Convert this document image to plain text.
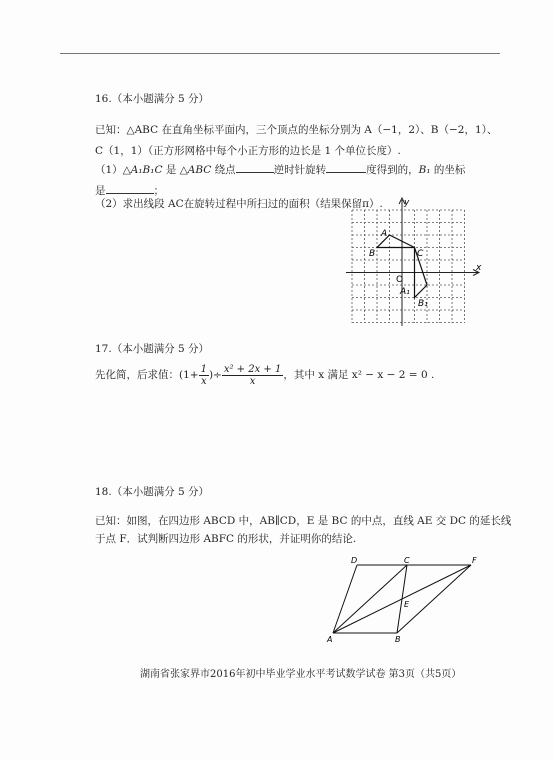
16.（本小题满分 5 分）
已知：△ABC 在直角坐标平面内，三个顶点的坐标分别为 A（−1，2）、B（−2，1）、
C（1，1）（正方形网格中每个小正方形的边长是 1 个单位长度）.
（1）△A₁B₁C 是 △ABC 绕点	逆时针旋转	度得到的，B₁ 的坐标
是	；
（2）求出线段 AC在旋转过程中所扫过的面积（结果保留π）. y
x
A
B	C
O
A₁
B₁
17.（本小题满分 5 分）
先化简，后求值：($1+ \frac{1}{x}$ )÷ $\frac{\text{x² + 2x + 1}}{x}$ ，其中 x 满足 x² − x − 2 = 0 .
18.（本小题满分 5 分）
已知：如图，在四边形 ABCD 中，AB∥CD，E 是 BC 的中点，直线 AE 交 DC 的延长线
于点 F．试判断四边形 ABFC 的形状，并证明你的结论.
D	C	F
E
A	B
湖南省张家界市2016年初中毕业学业水平考试数学试卷 第3页（共5页）
